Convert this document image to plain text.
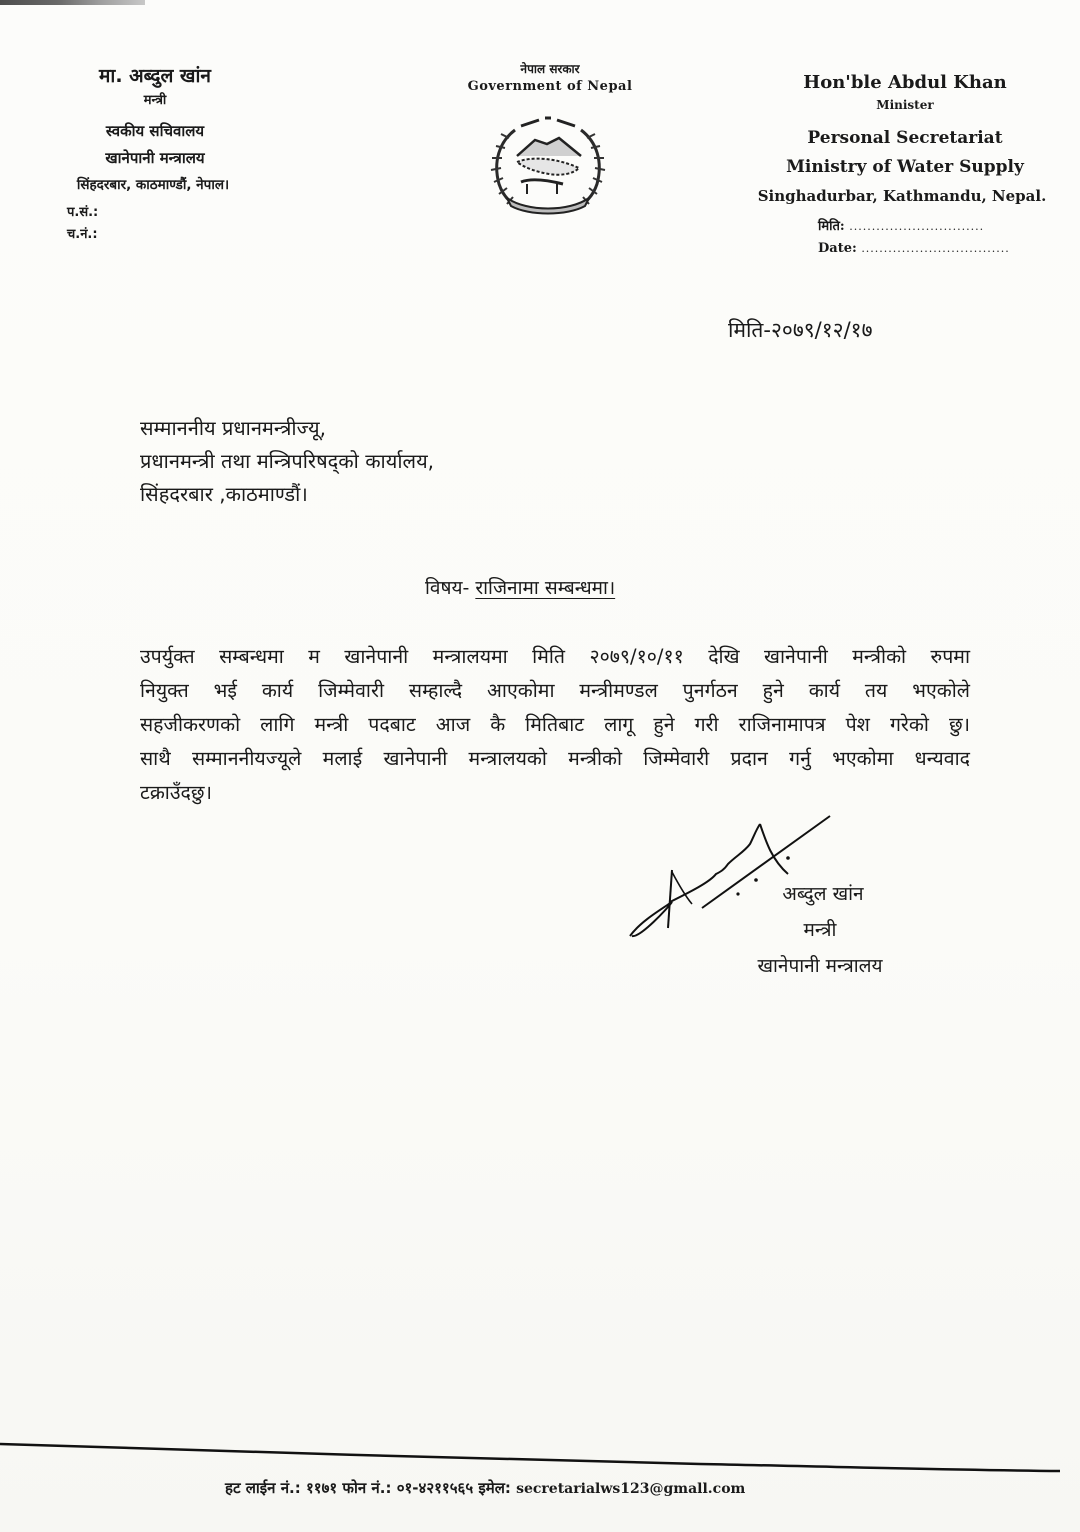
मा. अब्दुल खांन
मन्त्री
स्वकीय सचिवालय
खानेपानी मन्त्रालय
सिंहदरबार, काठमाण्डौं, नेपाल।
प.सं.:
च.नं.:
नेपाल सरकार
Government of Nepal	Hon'ble Abdul Khan
Minister
Personal Secretariat
Ministry of Water Supply
Singhadurbar, Kathmandu, Nepal.
मिति: ..............................
Date: .................................
मिति-२०७९/१२/१७
सम्माननीय प्रधानमन्त्रीज्यू,
प्रधानमन्त्री तथा मन्त्रिपरिषद्को कार्यालय,
सिंहदरबार ,काठमाण्डौं।
विषय- राजिनामा सम्बन्धमा।
उपर्युक्त सम्बन्धमा म खानेपानी मन्त्रालयमा मिति २०७९/१०/११ देखि खानेपानी मन्त्रीको रुपमा
नियुक्त भई कार्य जिम्मेवारी सम्हाल्दै आएकोमा मन्त्रीमण्डल पुनर्गठन हुने कार्य तय भएकोले
सहजीकरणको लागि मन्त्री पदबाट आज कै मितिबाट लागू हुने गरी राजिनामापत्र पेश गरेको छु।
साथै सम्माननीयज्यूले मलाई खानेपानी मन्त्रालयको मन्त्रीको जिम्मेवारी प्रदान गर्नु भएकोमा धन्यवाद
टक्राउँदछु।
अब्दुल खांन
मन्त्री
खानेपानी मन्त्रालय
हट लाईन नं.: ११७१ फोन नं.: ०१-४२११५६५ इमेल: secretarialws123@gmall.com
